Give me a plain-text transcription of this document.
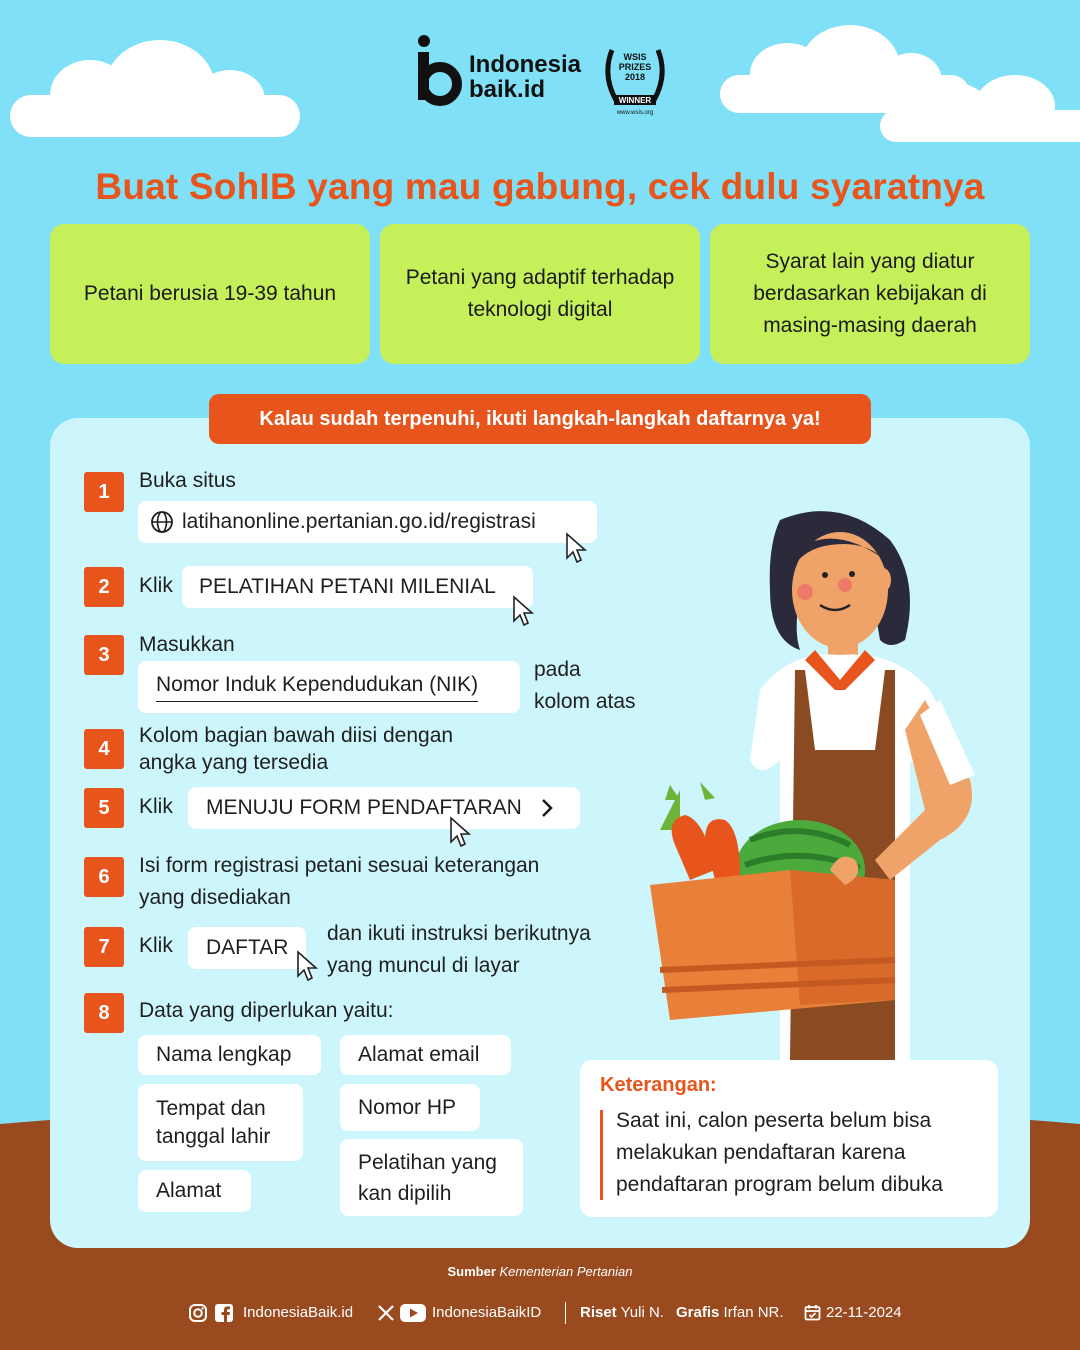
Indonesia
baik.id
WSIS
PRIZES
2018
WINNER
www.wsis.org
Buat SohIB yang mau gabung, cek dulu syaratnya
Petani berusia 19-39 tahun
Petani yang adaptif terhadap teknologi digital
Syarat lain yang diatur berdasarkan kebijakan di masing-masing daerah
Kalau sudah terpenuhi, ikuti langkah-langkah daftarnya ya!
1	Buka situs
latihanonline.pertanian.go.id/registrasi
2	Klik PELATIHAN PETANI MILENIAL
3	Masukkan
Nomor Induk Kependudukan (NIK)
pada
kolom atas
4
Kolom bagian bawah diisi dengan
angka yang tersedia
5	Klik MENUJU FORM PENDAFTARAN
6	Isi form registrasi petani sesuai keterangan
yang disediakan
7	Klik DAFTAR
dan ikuti instruksi berikutnya
yang muncul di layar
8	Data yang diperlukan yaitu:
Nama lengkap	Alamat email
Tempat dan
tanggal lahir
Nomor HP
Pelatihan yang
kan dipilih
Alamat
Keterangan:
Saat ini, calon peserta belum bisa
melakukan pendaftaran karena
pendaftaran program belum dibuka
Sumber Kementerian Pertanian
IndonesiaBaik.id	IndonesiaBaikID	Riset Yuli N. Grafis Irfan NR.	22-11-2024
